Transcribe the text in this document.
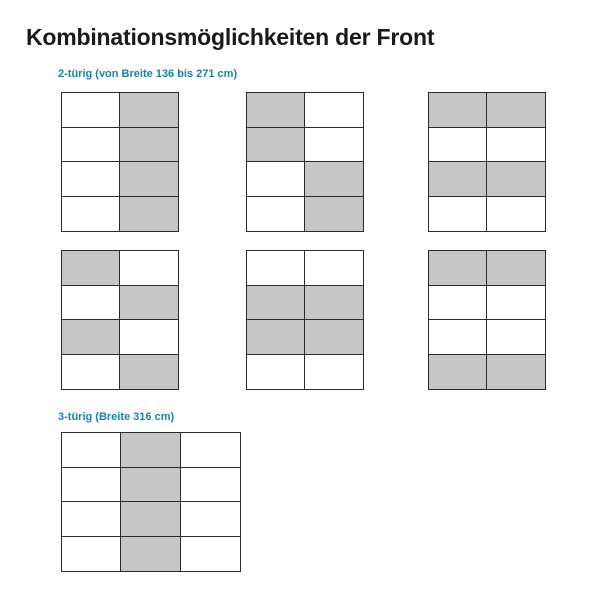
Kombinationsmöglichkeiten der Front
2-türig (von Breite 136 bis 271 cm)
3-türig (Breite 316 cm)
